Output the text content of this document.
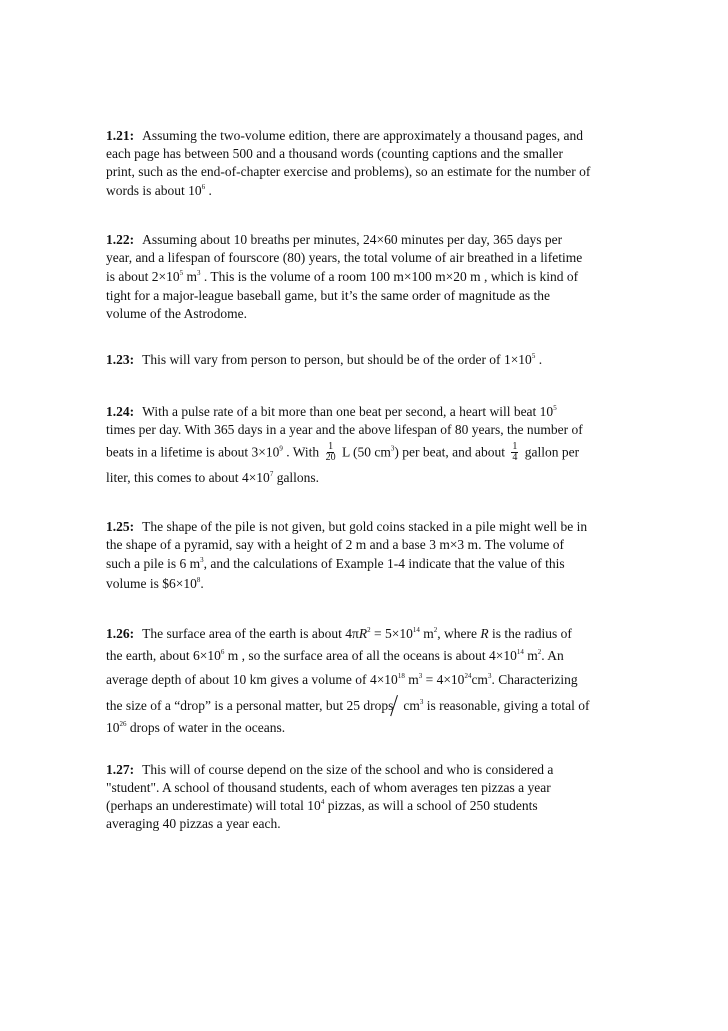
1.21: Assuming the two-volume edition, there are approximately a thousand pages, and
each page has between 500 and a thousand words (counting captions and the smaller
print, such as the end-of-chapter exercise and problems), so an estimate for the number of
words is about $10^6$ .
1.22: Assuming about 10 breaths per minutes, 24×60 minutes per day, 365 days per
year, and a lifespan of fourscore (80) years, the total volume of air breathed in a lifetime
is about $2\times 10^5$ $m^3$ . This is the volume of a room 100 m×100 m×20 m , which is kind of
tight for a major-league baseball game, but it’s the same order of magnitude as the
volume of the Astrodome.
1.23: This will vary from person to person, but should be of the order of $1\times 10^5$ .
1.24: With a pulse rate of a bit more than one beat per second, a heart will beat $10^5$
times per day. With 365 days in a year and the above lifespan of 80 years, the number of
beats in a lifetime is about $3\times 10^9$ . With $\frac{1}{20}$ L (50 $cm^3$) per beat, and about $\frac{1}{4}$ gallon per
liter, this comes to about $4\times 10^7$ gallons.
1.25: The shape of the pile is not given, but gold coins stacked in a pile might well be in
the shape of a pyramid, say with a height of 2 m and a base 3 m×3 m. The volume of
such a pile is 6 $m^3$, and the calculations of Example 1-4 indicate that the value of this
volume is $\$6\times 10^8$.
1.26: The surface area of the earth is about $4\pi R^2 = 5\times 10^{14}$ $m^2$, where R is the radius of
the earth, about $6\times 10^6$ m , so the surface area of all the oceans is about $4\times 10^{14}$ $m^2$. An
average depth of about 10 km gives a volume of $4\times 10^{18}$ $m^3 = 4\times 10^{24}cm^3$. Characterizing
the size of a “drop” is a personal matter, but 25 drops $cm^3$ is reasonable, giving a total of
$10^{26}$ drops of water in the oceans.
1.27: This will of course depend on the size of the school and who is considered a
"student". A school of thousand students, each of whom averages ten pizzas a year
(perhaps an underestimate) will total $10^4$ pizzas, as will a school of 250 students
averaging 40 pizzas a year each.
